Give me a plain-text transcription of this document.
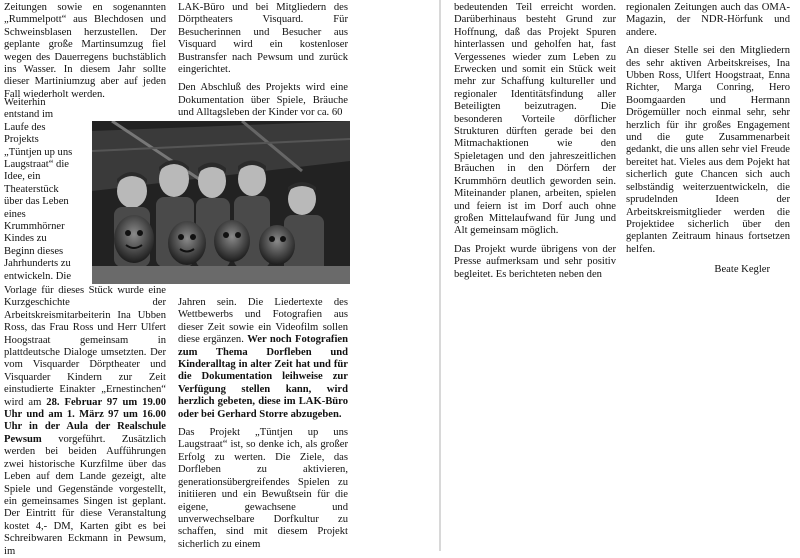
Zeitungen sowie en sogenannten „Rummelpott“ aus Blechdosen und Schweinsblasen herzustellen. Der geplante große Martinsumzug fiel wegen des Dauerregens buchstäblich ins Wasser. In diesem Jahr sollte dieser Martiniumzug aber auf jeden Fall wiederholt werden.

LAK-Büro und bei Mitgliedern des Dörptheaters Visquard. Für Besucherinnen und Besucher aus Visquard wird ein kostenloser Bustransfer nach Pewsum und zurück eingerichtet.

Den Abschluß des Projekts wird eine Dokumentation über Spiele, Bräuche und Alltagsleben der Kinder vor ca. 60

Weiterhin
entstand im
Laufe des
Projekts
„Tüntjen up uns
Laugstraat“ die
Idee, ein
Theaterstück
über das Leben
eines
Krummhörner
Kindes zu
Beginn dieses
Jahrhunderts zu
entwickeln. Die

Vorlage für dieses Stück wurde eine Kurzgeschichte der Arbeitskreismitarbeiterin Ina Ubben Ross, das Frau Ross und Herr Ulfert Hoogstraat gemeinsam in plattdeutsche Dialoge umsetzten. Der vom Visquarder Dörptheater und Visquarder Kindern zur Zeit einstudierte Einakter „Ernestinchen“ wird am 28. Februar 97 um 19.00 Uhr und am 1. März 97 um 16.00 Uhr in der Aula der Realschule Pewsum vorgeführt. Zusätzlich werden bei beiden Aufführungen zwei historische Kurzfilme über das Leben auf dem Lande gezeigt, alte Spiele und Gegenstände vorgestellt, ein gemeinsames Singen ist geplant. Der Eintritt für diese Veranstaltung kostet 4,- DM, Karten gibt es bei Schreibwaren Eckmann in Pewsum, im

Jahren sein. Die Liedertexte des Wettbewerbs und Fotografien aus dieser Zeit sowie ein Videofilm sollen diese ergänzen. Wer noch Fotografien zum Thema Dorfleben und Kinderalltag in alter Zeit hat und für die Dokumentation leihweise zur Verfügung stellen kann, wird herzlich gebeten, diese im LAK-Büro oder bei Gerhard Storre abzugeben.

Das Projekt „Tüntjen up uns Laugstraat“ ist, so denke ich, als großer Erfolg zu werten. Die Ziele, das Dorfleben zu aktivieren, generationsübergreifendes Spielen zu initiieren und ein Bewußtsein für die eigene, gewachsene und unverwechselbare Dorfkultur zu schaffen, sind mit diesem Projekt sicherlich zu einem

bedeutenden Teil erreicht worden. Darüberhinaus besteht Grund zur Hoffnung, daß das Projekt Spuren hinterlassen und geholfen hat, fast Vergessenes wieder zum Leben zu Erwecken und somit ein Stück weit mehr zur Schaffung kultureller und regionaler Identitätsfindung aller Beteiligten beizutragen. Die besonderen Vorteile dörflicher Strukturen dürften gerade bei den Mitmachaktionen wie den Spieletagen und den jahreszeitlichen Bräuchen in den Dörfern der Krummhörn deutlich geworden sein. Miteinander planen, arbeiten, spielen und feiern ist im Dorf auch ohne großen Mittelaufwand für Jung und Alt gemeinsam möglich.

Das Projekt wurde übrigens von der Presse aufmerksam und sehr positiv begleitet. Es berichteten neben den

regionalen Zeitungen auch das OMA-Magazin, der NDR-Hörfunk und andere.

An dieser Stelle sei den Mitgliedern des sehr aktiven Arbeitskreises, Ina Ubben Ross, Ulfert Hoogstraat, Enna Richter, Marga Conring, Hero Boomgaarden und Hermann Drögemüller noch einmal sehr, sehr herzlich für ihr großes Engagement und die gute Zusammenarbeit gedankt, die uns allen sehr viel Freude bereitet hat. Vieles aus dem Pojekt hat sicherlich gute Chancen sich auch selbständig weiterzuentwickeln, die sprudelnden Ideen der Arbeitskreismitglieder werden die Projektidee sicherlich über den geplanten Zeitraum hinaus fortsetzen helfen.

Beate Kegler
